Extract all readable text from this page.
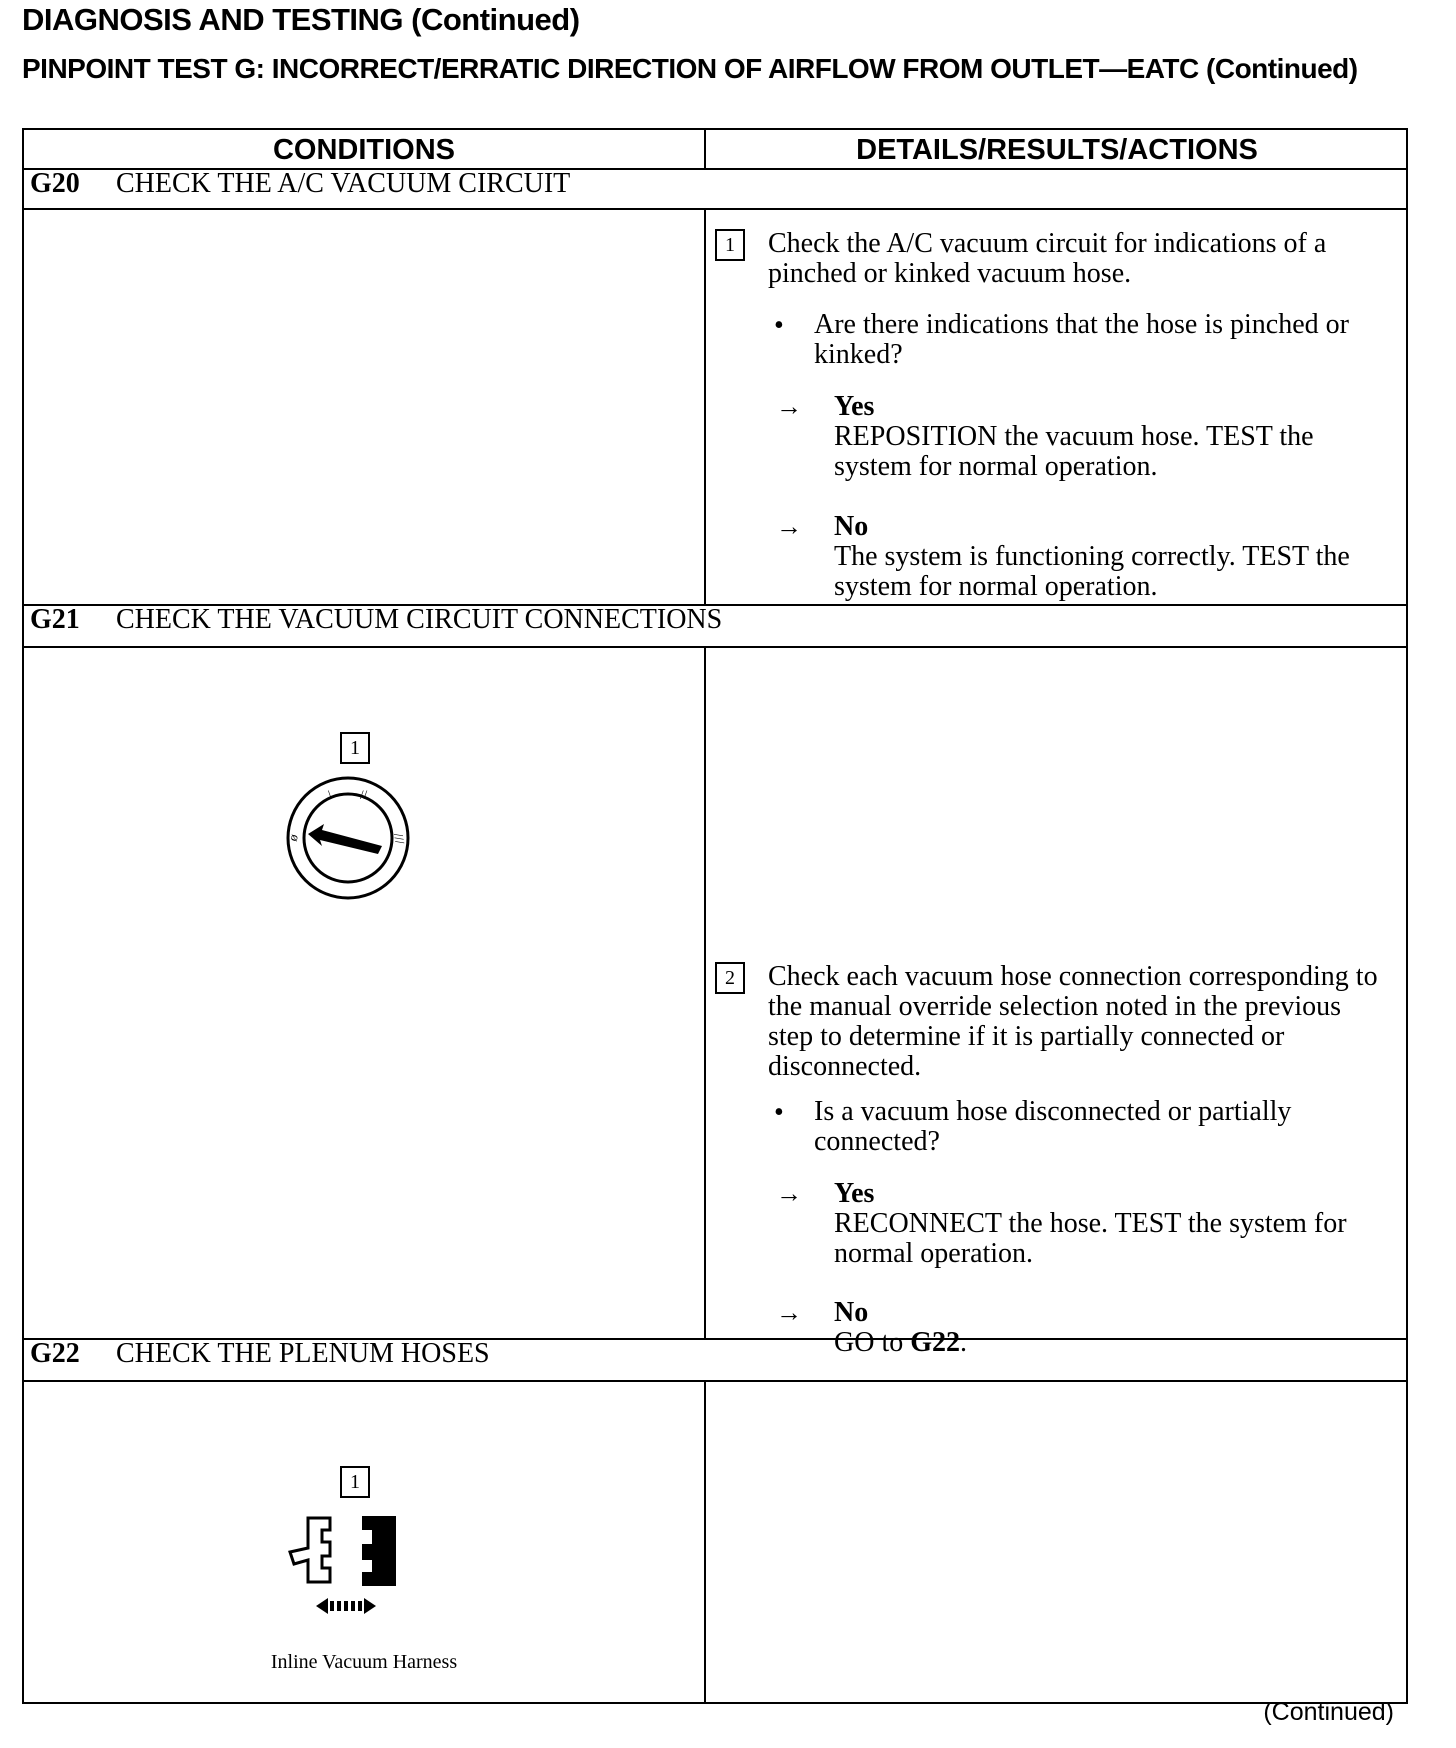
DIAGNOSIS AND TESTING (Continued)
PINPOINT TEST G: INCORRECT/ERRATIC DIRECTION OF AIRFLOW FROM OUTLET—EATC (Continued)
CONDITIONS	DETAILS/RESULTS/ACTIONS
G20 CHECK THE A/C VACUUM CIRCUIT
1	Check the A/C vacuum circuit for indications of a pinched or kinked vacuum hose.
• Are there indications that the hose is pinched or kinked?
→ Yes
REPOSITION the vacuum hose. TEST the system for normal operation.
→ No
The system is functioning correctly. TEST the system for normal operation.
G21 CHECK THE VACUUM CIRCUIT CONNECTIONS
1
ø
\ //
///
2	Check each vacuum hose connection corresponding to the manual override selection noted in the previous step to determine if it is partially connected or disconnected.
• Is a vacuum hose disconnected or partially connected?
→ Yes
RECONNECT the hose. TEST the system for normal operation.
→ No
GO to G22.
G22 CHECK THE PLENUM HOSES
1
Inline Vacuum Harness
(Continued)
